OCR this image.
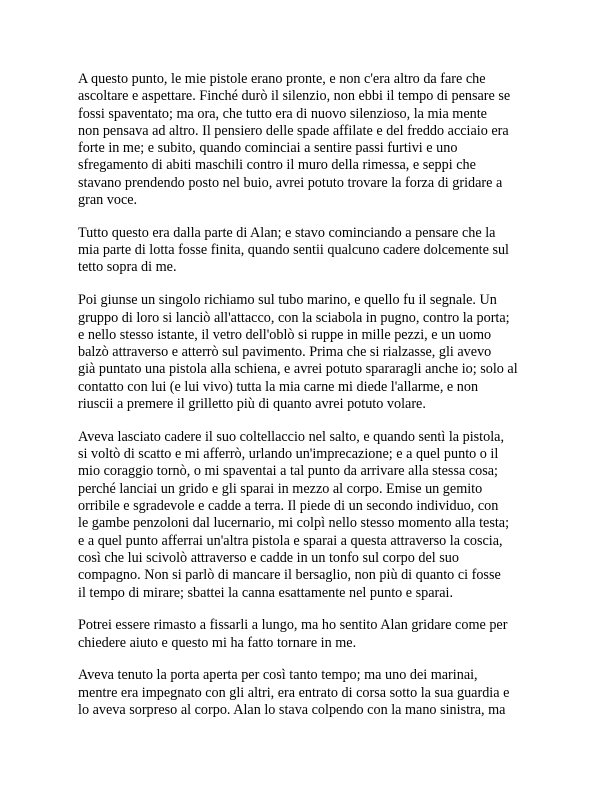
A questo punto, le mie pistole erano pronte, e non c'era altro da fare che
ascoltare e aspettare. Finché durò il silenzio, non ebbi il tempo di pensare se
fossi spaventato; ma ora, che tutto era di nuovo silenzioso, la mia mente
non pensava ad altro. Il pensiero delle spade affilate e del freddo acciaio era
forte in me; e subito, quando cominciai a sentire passi furtivi e uno
sfregamento di abiti maschili contro il muro della rimessa, e seppi che
stavano prendendo posto nel buio, avrei potuto trovare la forza di gridare a
gran voce.

Tutto questo era dalla parte di Alan; e stavo cominciando a pensare che la
mia parte di lotta fosse finita, quando sentii qualcuno cadere dolcemente sul
tetto sopra di me.

Poi giunse un singolo richiamo sul tubo marino, e quello fu il segnale. Un
gruppo di loro si lanciò all'attacco, con la sciabola in pugno, contro la porta;
e nello stesso istante, il vetro dell'oblò si ruppe in mille pezzi, e un uomo
balzò attraverso e atterrò sul pavimento. Prima che si rialzasse, gli avevo
già puntato una pistola alla schiena, e avrei potuto spararagli anche io; solo al
contatto con lui (e lui vivo) tutta la mia carne mi diede l'allarme, e non
riuscii a premere il grilletto più di quanto avrei potuto volare.

Aveva lasciato cadere il suo coltellaccio nel salto, e quando sentì la pistola,
si voltò di scatto e mi afferrò, urlando un'imprecazione; e a quel punto o il
mio coraggio tornò, o mi spaventai a tal punto da arrivare alla stessa cosa;
perché lanciai un grido e gli sparai in mezzo al corpo. Emise un gemito
orribile e sgradevole e cadde a terra. Il piede di un secondo individuo, con
le gambe penzoloni dal lucernario, mi colpì nello stesso momento alla testa;
e a quel punto afferrai un'altra pistola e sparai a questa attraverso la coscia,
così che lui scivolò attraverso e cadde in un tonfo sul corpo del suo
compagno. Non si parlò di mancare il bersaglio, non più di quanto ci fosse
il tempo di mirare; sbattei la canna esattamente nel punto e sparai.

Potrei essere rimasto a fissarli a lungo, ma ho sentito Alan gridare come per
chiedere aiuto e questo mi ha fatto tornare in me.

Aveva tenuto la porta aperta per così tanto tempo; ma uno dei marinai,
mentre era impegnato con gli altri, era entrato di corsa sotto la sua guardia e
lo aveva sorpreso al corpo. Alan lo stava colpendo con la mano sinistra, ma
